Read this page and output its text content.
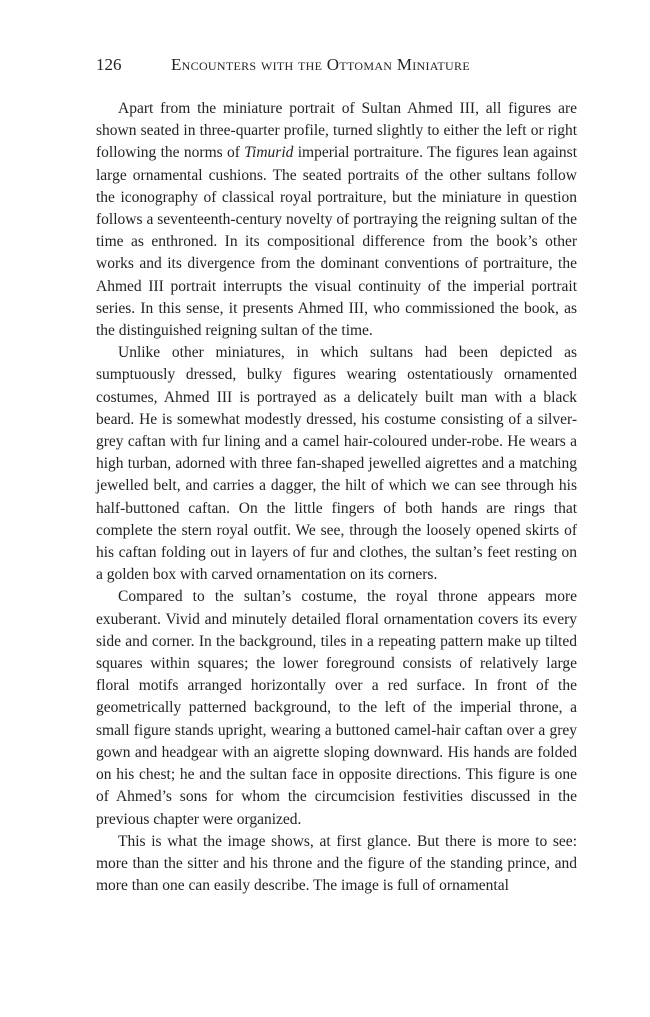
126	Encounters with the Ottoman Miniature

Apart from the miniature portrait of Sultan Ahmed III, all figures are shown seated in three-quarter profile, turned slightly to either the left or right following the norms of Timurid imperial portraiture. The figures lean against large ornamental cushions. The seated portraits of the other sultans follow the iconography of classical royal portraiture, but the miniature in question follows a seventeenth-century novelty of portraying the reigning sultan of the time as enthroned. In its compositional difference from the book’s other works and its divergence from the dominant conventions of portraiture, the Ahmed III portrait interrupts the visual continuity of the imperial portrait series. In this sense, it presents Ahmed III, who commissioned the book, as the distinguished reigning sultan of the time.

Unlike other miniatures, in which sultans had been depicted as sumptuously dressed, bulky figures wearing ostentatiously ornamented costumes, Ahmed III is portrayed as a delicately built man with a black beard. He is somewhat modestly dressed, his costume consisting of a silver-grey caftan with fur lining and a camel hair-coloured under-robe. He wears a high turban, adorned with three fan-shaped jewelled aigrettes and a matching jewelled belt, and carries a dagger, the hilt of which we can see through his half-buttoned caftan. On the little fingers of both hands are rings that complete the stern royal outfit. We see, through the loosely opened skirts of his caftan folding out in layers of fur and clothes, the sultan’s feet resting on a golden box with carved ornamentation on its corners.

Compared to the sultan’s costume, the royal throne appears more exuberant. Vivid and minutely detailed floral ornamentation covers its every side and corner. In the background, tiles in a repeating pattern make up tilted squares within squares; the lower foreground consists of relatively large floral motifs arranged horizontally over a red surface. In front of the geometrically patterned background, to the left of the imperial throne, a small figure stands upright, wearing a buttoned camel-hair caftan over a grey gown and headgear with an aigrette sloping downward. His hands are folded on his chest; he and the sultan face in opposite directions. This figure is one of Ahmed’s sons for whom the circumcision festivities discussed in the previous chapter were organized.

This is what the image shows, at first glance. But there is more to see: more than the sitter and his throne and the figure of the standing prince, and more than one can easily describe. The image is full of ornamental
